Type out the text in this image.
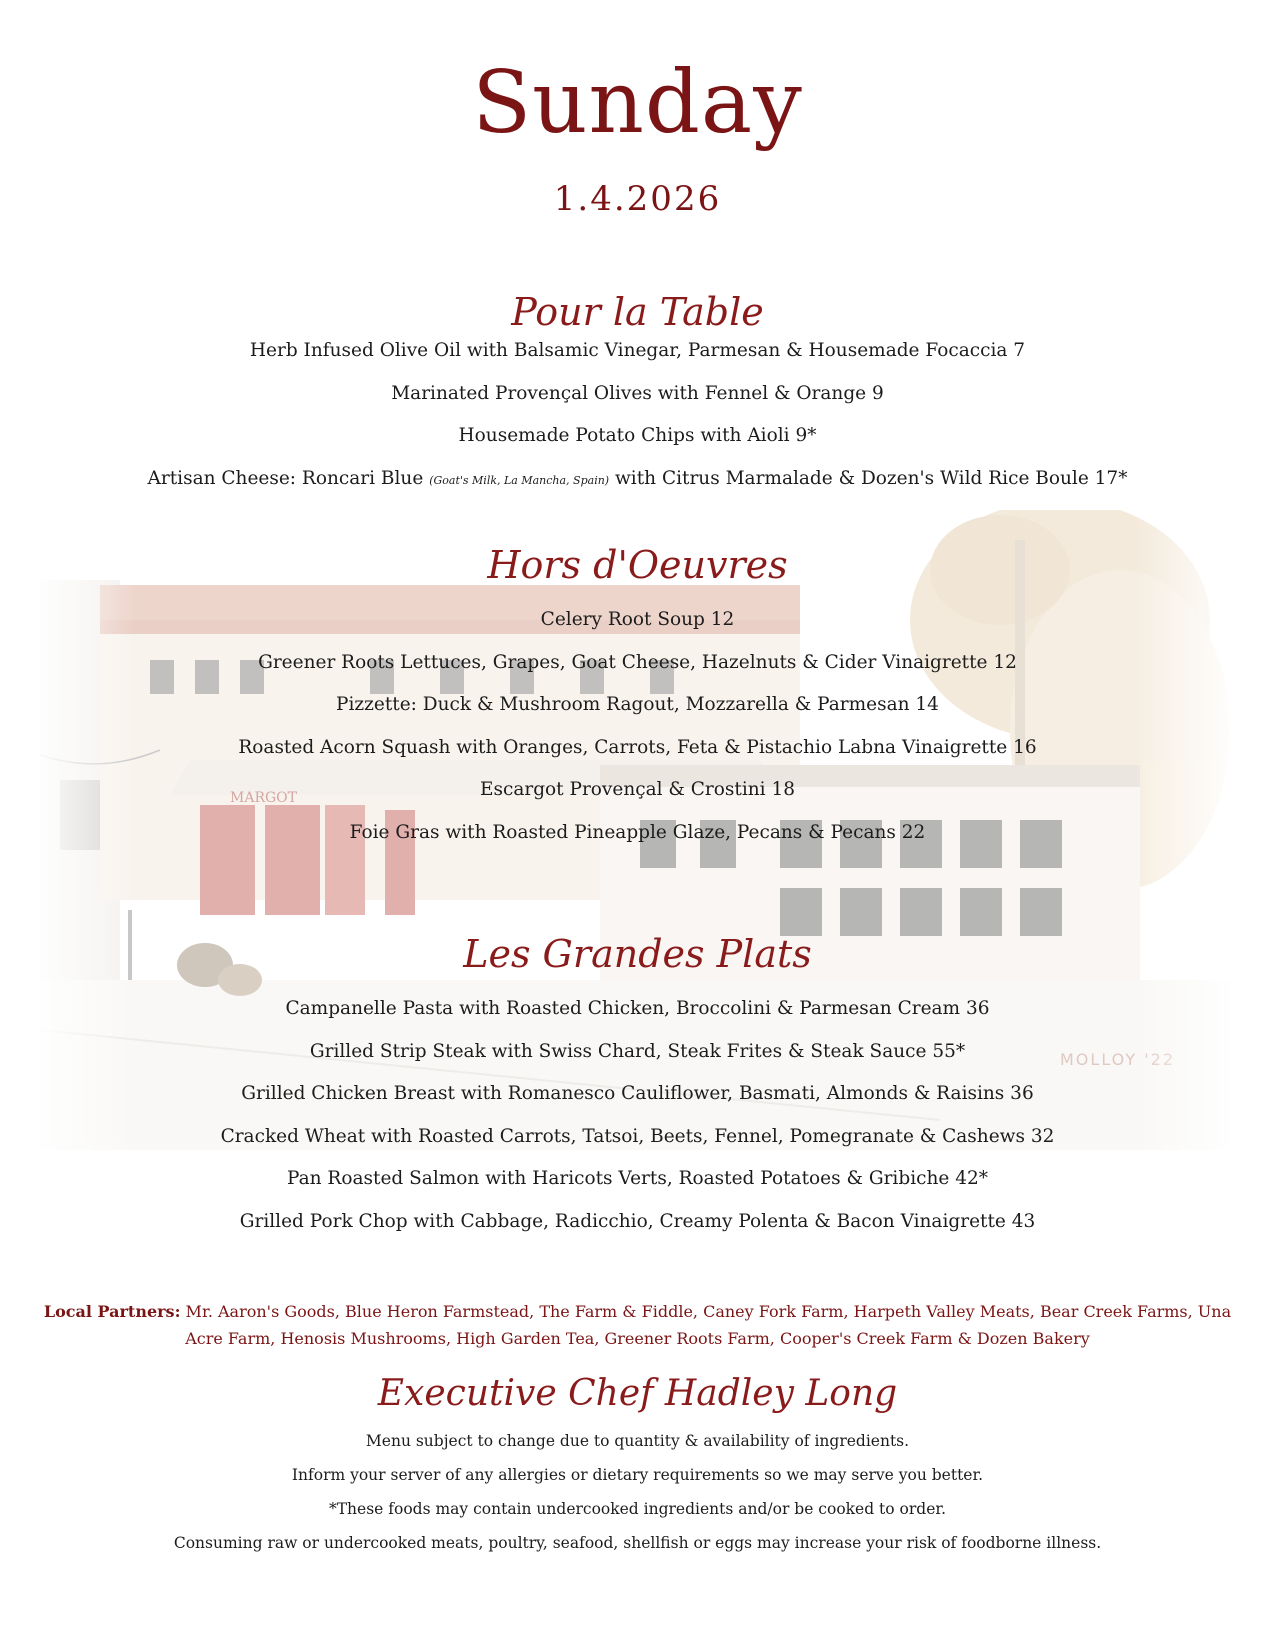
Sunday
1.4.2026
Pour la Table
Herb Infused Olive Oil with Balsamic Vinegar, Parmesan & Housemade Focaccia 7
Marinated Provençal Olives with Fennel & Orange 9
Housemade Potato Chips with Aioli 9*
Artisan Cheese: Roncari Blue (Goat's Milk, La Mancha, Spain) with Citrus Marmalade & Dozen's Wild Rice Boule 17*
Hors d'Oeuvres
Celery Root Soup 12
Greener Roots Lettuces, Grapes, Goat Cheese, Hazelnuts & Cider Vinaigrette 12
Pizzette: Duck & Mushroom Ragout, Mozzarella & Parmesan 14
Roasted Acorn Squash with Oranges, Carrots, Feta & Pistachio Labna Vinaigrette 16
Escargot Provençal & Crostini 18
Foie Gras with Roasted Pineapple Glaze, Pecans & Pecans 22
Les Grandes Plats
Campanelle Pasta with Roasted Chicken, Broccolini & Parmesan Cream 36
Grilled Strip Steak with Swiss Chard, Steak Frites & Steak Sauce 55*
Grilled Chicken Breast with Romanesco Cauliflower, Basmati, Almonds & Raisins 36
Cracked Wheat with Roasted Carrots, Tatsoi, Beets, Fennel, Pomegranate & Cashews 32
Pan Roasted Salmon with Haricots Verts, Roasted Potatoes & Gribiche 42*
Grilled Pork Chop with Cabbage, Radicchio, Creamy Polenta & Bacon Vinaigrette 43
Local Partners: Mr. Aaron's Goods, Blue Heron Farmstead, The Farm & Fiddle, Caney Fork Farm, Harpeth Valley Meats, Bear Creek Farms, Una Acre Farm, Henosis Mushrooms, High Garden Tea, Greener Roots Farm, Cooper's Creek Farm & Dozen Bakery
Executive Chef Hadley Long
Menu subject to change due to quantity & availability of ingredients.
Inform your server of any allergies or dietary requirements so we may serve you better.
*These foods may contain undercooked ingredients and/or be cooked to order.
Consuming raw or undercooked meats, poultry, seafood, shellfish or eggs may increase your risk of foodborne illness.
